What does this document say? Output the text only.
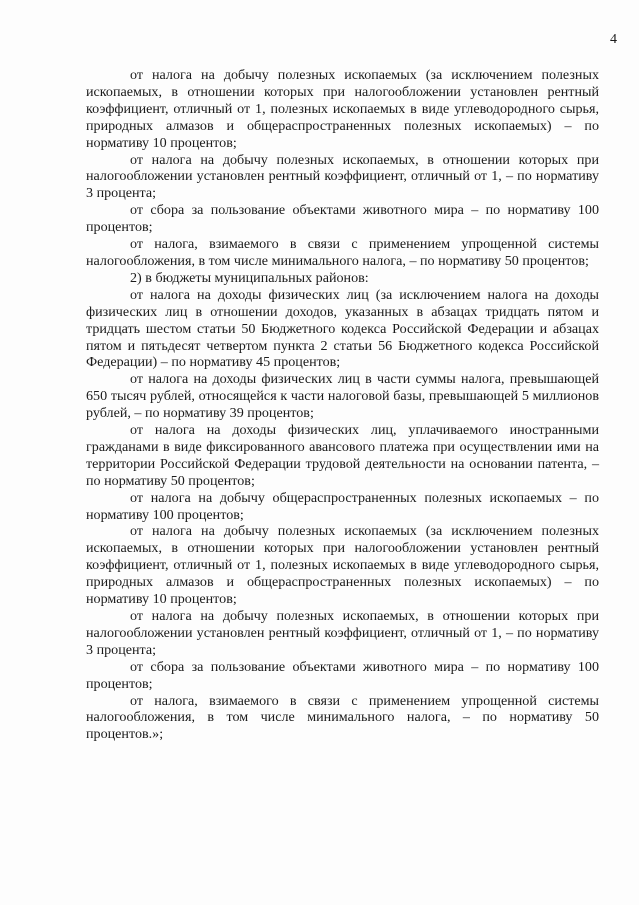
4

от налога на добычу полезных ископаемых (за исключением полезных ископаемых, в отношении которых при налогообложении установлен рентный коэффициент, отличный от 1, полезных ископаемых в виде углеводородного сырья, природных алмазов и общераспространенных полезных ископаемых) – по нормативу 10 процентов;

от налога на добычу полезных ископаемых, в отношении которых при налогообложении установлен рентный коэффициент, отличный от 1, – по нормативу 3 процента;

от сбора за пользование объектами животного мира – по нормативу 100 процентов;

от налога, взимаемого в связи с применением упрощенной системы налогообложения, в том числе минимального налога, – по нормативу 50 процентов;

2) в бюджеты муниципальных районов:

от налога на доходы физических лиц (за исключением налога на доходы физических лиц в отношении доходов, указанных в абзацах тридцать пятом и тридцать шестом статьи 50 Бюджетного кодекса Российской Федерации и абзацах пятом и пятьдесят четвертом пункта 2 статьи 56 Бюджетного кодекса Российской Федерации) – по нормативу 45 процентов;

от налога на доходы физических лиц в части суммы налога, превышающей 650 тысяч рублей, относящейся к части налоговой базы, превышающей 5 миллионов рублей, – по нормативу 39 процентов;

от налога на доходы физических лиц, уплачиваемого иностранными гражданами в виде фиксированного авансового платежа при осуществлении ими на территории Российской Федерации трудовой деятельности на основании патента, – по нормативу 50 процентов;

от налога на добычу общераспространенных полезных ископаемых – по нормативу 100 процентов;

от налога на добычу полезных ископаемых (за исключением полезных ископаемых, в отношении которых при налогообложении установлен рентный коэффициент, отличный от 1, полезных ископаемых в виде углеводородного сырья, природных алмазов и общераспространенных полезных ископаемых) – по нормативу 10 процентов;

от налога на добычу полезных ископаемых, в отношении которых при налогообложении установлен рентный коэффициент, отличный от 1, – по нормативу 3 процента;

от сбора за пользование объектами животного мира – по нормативу 100 процентов;

от налога, взимаемого в связи с применением упрощенной системы налогообложения, в том числе минимального налога, – по нормативу 50 процентов.»;
